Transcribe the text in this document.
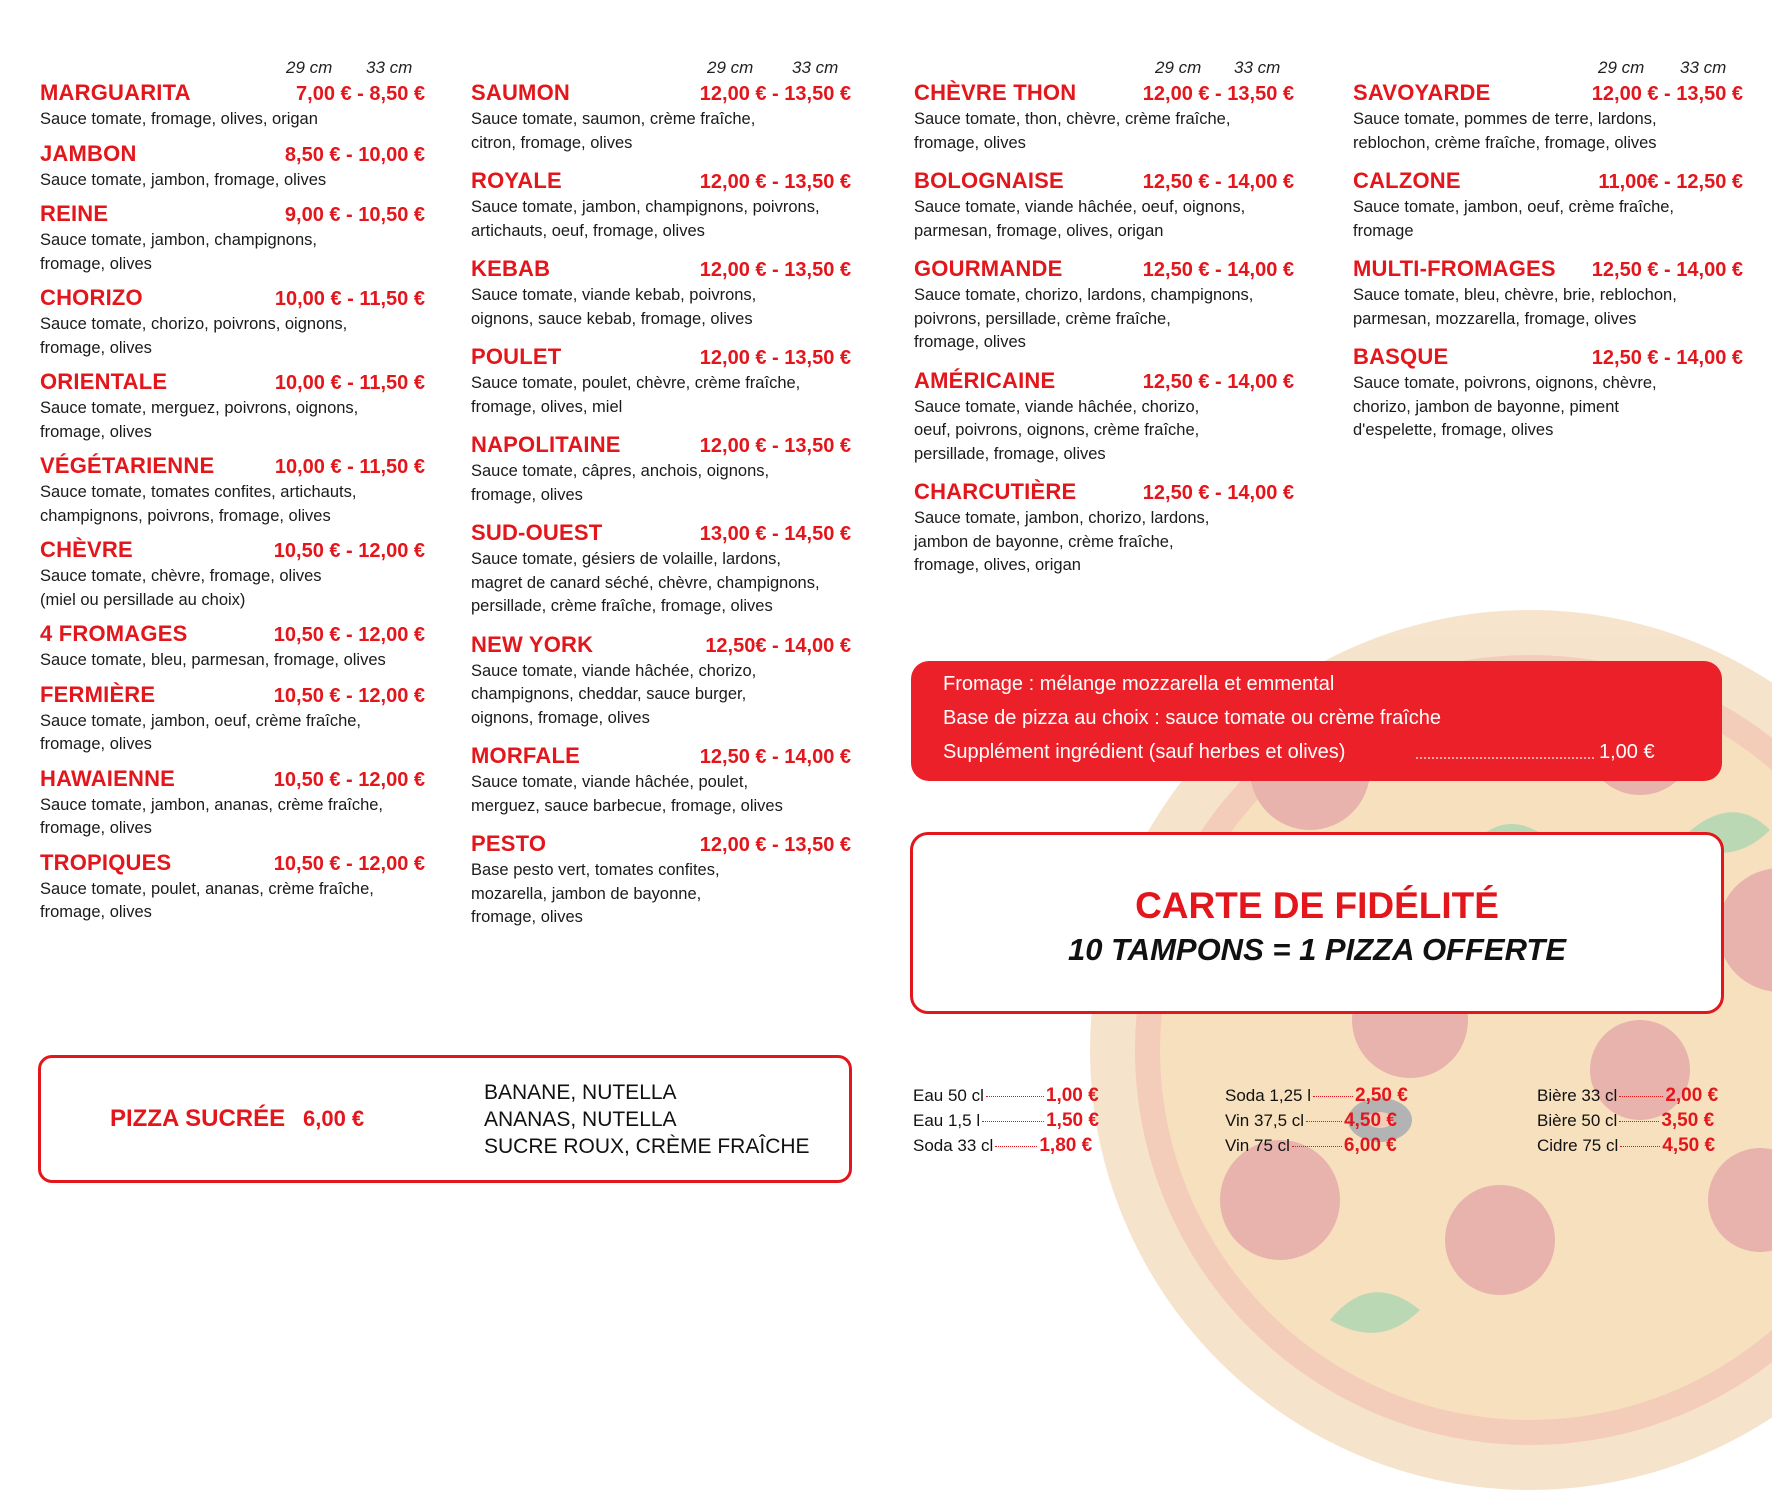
29 cm 33 cm
MARGUARITA	7,00 € - 8,50 €
Sauce tomate, fromage, olives, origan
JAMBON	8,50 € - 10,00 €
Sauce tomate, jambon, fromage, olives
REINE	9,00 € - 10,50 €
Sauce tomate, jambon, champignons,
fromage, olives
CHORIZO	10,00 € - 11,50 €
Sauce tomate, chorizo, poivrons, oignons,
fromage, olives
ORIENTALE	10,00 € - 11,50 €
Sauce tomate, merguez, poivrons, oignons,
fromage, olives
VÉGÉTARIENNE	10,00 € - 11,50 €
Sauce tomate, tomates confites, artichauts,
champignons, poivrons, fromage, olives
CHÈVRE	10,50 € - 12,00 €
Sauce tomate, chèvre, fromage, olives
(miel ou persillade au choix)
4 FROMAGES	10,50 € - 12,00 €
Sauce tomate, bleu, parmesan, fromage, olives
FERMIÈRE	10,50 € - 12,00 €
Sauce tomate, jambon, oeuf, crème fraîche,
fromage, olives
HAWAIENNE	10,50 € - 12,00 €
Sauce tomate, jambon, ananas, crème fraîche,
fromage, olives
TROPIQUES	10,50 € - 12,00 €
Sauce tomate, poulet, ananas, crème fraîche,
fromage, olives
29 cm 33 cm
SAUMON	12,00 € - 13,50 €
Sauce tomate, saumon, crème fraîche,
citron, fromage, olives
ROYALE	12,00 € - 13,50 €
Sauce tomate, jambon, champignons, poivrons,
artichauts, oeuf, fromage, olives
KEBAB	12,00 € - 13,50 €
Sauce tomate, viande kebab, poivrons,
oignons, sauce kebab, fromage, olives
POULET	12,00 € - 13,50 €
Sauce tomate, poulet, chèvre, crème fraîche,
fromage, olives, miel
NAPOLITAINE	12,00 € - 13,50 €
Sauce tomate, câpres, anchois, oignons,
fromage, olives
SUD-OUEST	13,00 € - 14,50 €
Sauce tomate, gésiers de volaille, lardons,
magret de canard séché, chèvre, champignons,
persillade, crème fraîche, fromage, olives
NEW YORK	12,50€ - 14,00 €
Sauce tomate, viande hâchée, chorizo,
champignons, cheddar, sauce burger,
oignons, fromage, olives
MORFALE	12,50 € - 14,00 €
Sauce tomate, viande hâchée, poulet,
merguez, sauce barbecue, fromage, olives
PESTO	12,00 € - 13,50 €
Base pesto vert, tomates confites,
mozarella, jambon de bayonne,
fromage, olives
29 cm 33 cm
CHÈVRE THON	12,00 € - 13,50 €
Sauce tomate, thon, chèvre, crème fraîche,
fromage, olives
BOLOGNAISE	12,50 € - 14,00 €
Sauce tomate, viande hâchée, oeuf, oignons,
parmesan, fromage, olives, origan
GOURMANDE	12,50 € - 14,00 €
Sauce tomate, chorizo, lardons, champignons,
poivrons, persillade, crème fraîche,
fromage, olives
AMÉRICAINE	12,50 € - 14,00 €
Sauce tomate, viande hâchée, chorizo,
oeuf, poivrons, oignons, crème fraîche,
persillade, fromage, olives
CHARCUTIÈRE	12,50 € - 14,00 €
Sauce tomate, jambon, chorizo, lardons,
jambon de bayonne, crème fraîche,
fromage, olives, origan
29 cm 33 cm
SAVOYARDE	12,00 € - 13,50 €
Sauce tomate, pommes de terre, lardons,
reblochon, crème fraîche, fromage, olives
CALZONE	11,00€ - 12,50 €
Sauce tomate, jambon, oeuf, crème fraîche,
fromage
MULTI-FROMAGES 12,50 € - 14,00 €
Sauce tomate, bleu, chèvre, brie, reblochon,
parmesan, mozzarella, fromage, olives
BASQUE	12,50 € - 14,00 €
Sauce tomate, poivrons, oignons, chèvre,
chorizo, jambon de bayonne, piment
d'espelette, fromage, olives
Fromage : mélange mozzarella et emmental
Base de pizza au choix : sauce tomate ou crème fraîche
Supplément ingrédient (sauf herbes et olives)	1,00 €
CARTE DE FIDÉLITÉ
10 TAMPONS = 1 PIZZA OFFERTE
PIZZA SUCRÉE 6,00 €
BANANE, NUTELLA
ANANAS, NUTELLA
SUCRE ROUX, CRÈME FRAÎCHE
Eau 50 cl	1,00 €
Eau 1,5 l	1,50 €
Soda 33 cl 1,80 €
Soda 1,25 l 2,50 €
Vin 37,5 cl 4,50 €
Vin 75 cl	6,00 €
Bière 33 cl	2,00 €
Bière 50 cl 3,50 €
Cidre 75 cl 4,50 €
